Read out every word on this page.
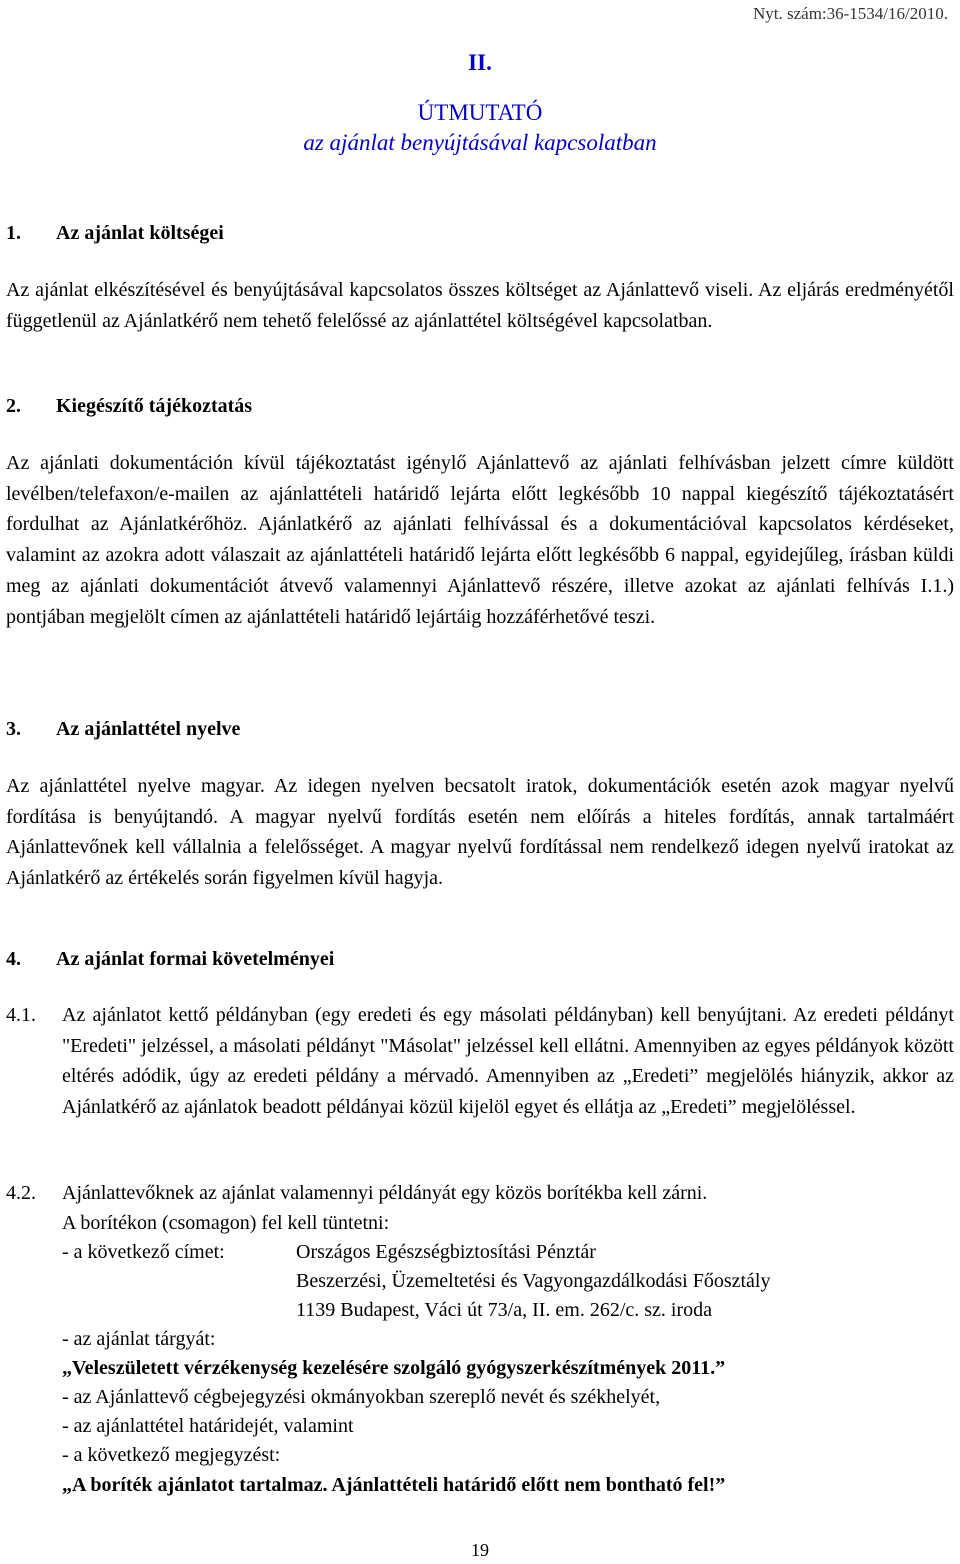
Nyt. szám:36-1534/16/2010.
II.
ÚTMUTATÓ
az ajánlat benyújtásával kapcsolatban
1. Az ajánlat költségei
Az ajánlat elkészítésével és benyújtásával kapcsolatos összes költséget az Ajánlattevő viseli. Az eljárás eredményétől függetlenül az Ajánlatkérő nem tehető felelőssé az ajánlattétel költségével kapcsolatban.
2. Kiegészítő tájékoztatás
Az ajánlati dokumentáción kívül tájékoztatást igénylő Ajánlattevő az ajánlati felhívásban jelzett címre küldött levélben/telefaxon/e-mailen az ajánlattételi határidő lejárta előtt legkésőbb 10 nappal kiegészítő tájékoztatásért fordulhat az Ajánlatkérőhöz. Ajánlatkérő az ajánlati felhívással és a dokumentációval kapcsolatos kérdéseket, valamint az azokra adott válaszait az ajánlattételi határidő lejárta előtt legkésőbb 6 nappal, egyidejűleg, írásban küldi meg az ajánlati dokumentációt átvevő valamennyi Ajánlattevő részére, illetve azokat az ajánlati felhívás I.1.) pontjában megjelölt címen az ajánlattételi határidő lejártáig hozzáférhetővé teszi.
3. Az ajánlattétel nyelve
Az ajánlattétel nyelve magyar. Az idegen nyelven becsatolt iratok, dokumentációk esetén azok magyar nyelvű fordítása is benyújtandó. A magyar nyelvű fordítás esetén nem előírás a hiteles fordítás, annak tartalmáért Ajánlattevőnek kell vállalnia a felelősséget. A magyar nyelvű fordítással nem rendelkező idegen nyelvű iratokat az Ajánlatkérő az értékelés során figyelmen kívül hagyja.
4. Az ajánlat formai követelményei
4.1. Az ajánlatot kettő példányban (egy eredeti és egy másolati példányban) kell benyújtani. Az eredeti példányt "Eredeti" jelzéssel, a másolati példányt "Másolat" jelzéssel kell ellátni. Amennyiben az egyes példányok között eltérés adódik, úgy az eredeti példány a mérvadó. Amennyiben az „Eredeti” megjelölés hiányzik, akkor az Ajánlatkérő az ajánlatok beadott példányai közül kijelöl egyet és ellátja az „Eredeti” megjelöléssel.
4.2. Ajánlattevőknek az ajánlat valamennyi példányát egy közös borítékba kell zárni.
A borítékon (csomagon) fel kell tüntetni:
- a következő címet:	Országos Egészségbiztosítási Pénztár
Beszerzési, Üzemeltetési és Vagyongazdálkodási Főosztály
1139 Budapest, Váci út 73/a, II. em. 262/c. sz. iroda
- az ajánlat tárgyát:
„Veleszületett vérzékenység kezelésére szolgáló gyógyszerkészítmények 2011.”
- az Ajánlattevő cégbejegyzési okmányokban szereplő nevét és székhelyét,
- az ajánlattétel határidejét, valamint
- a következő megjegyzést:
„A boríték ajánlatot tartalmaz. Ajánlattételi határidő előtt nem bontható fel!”
19
